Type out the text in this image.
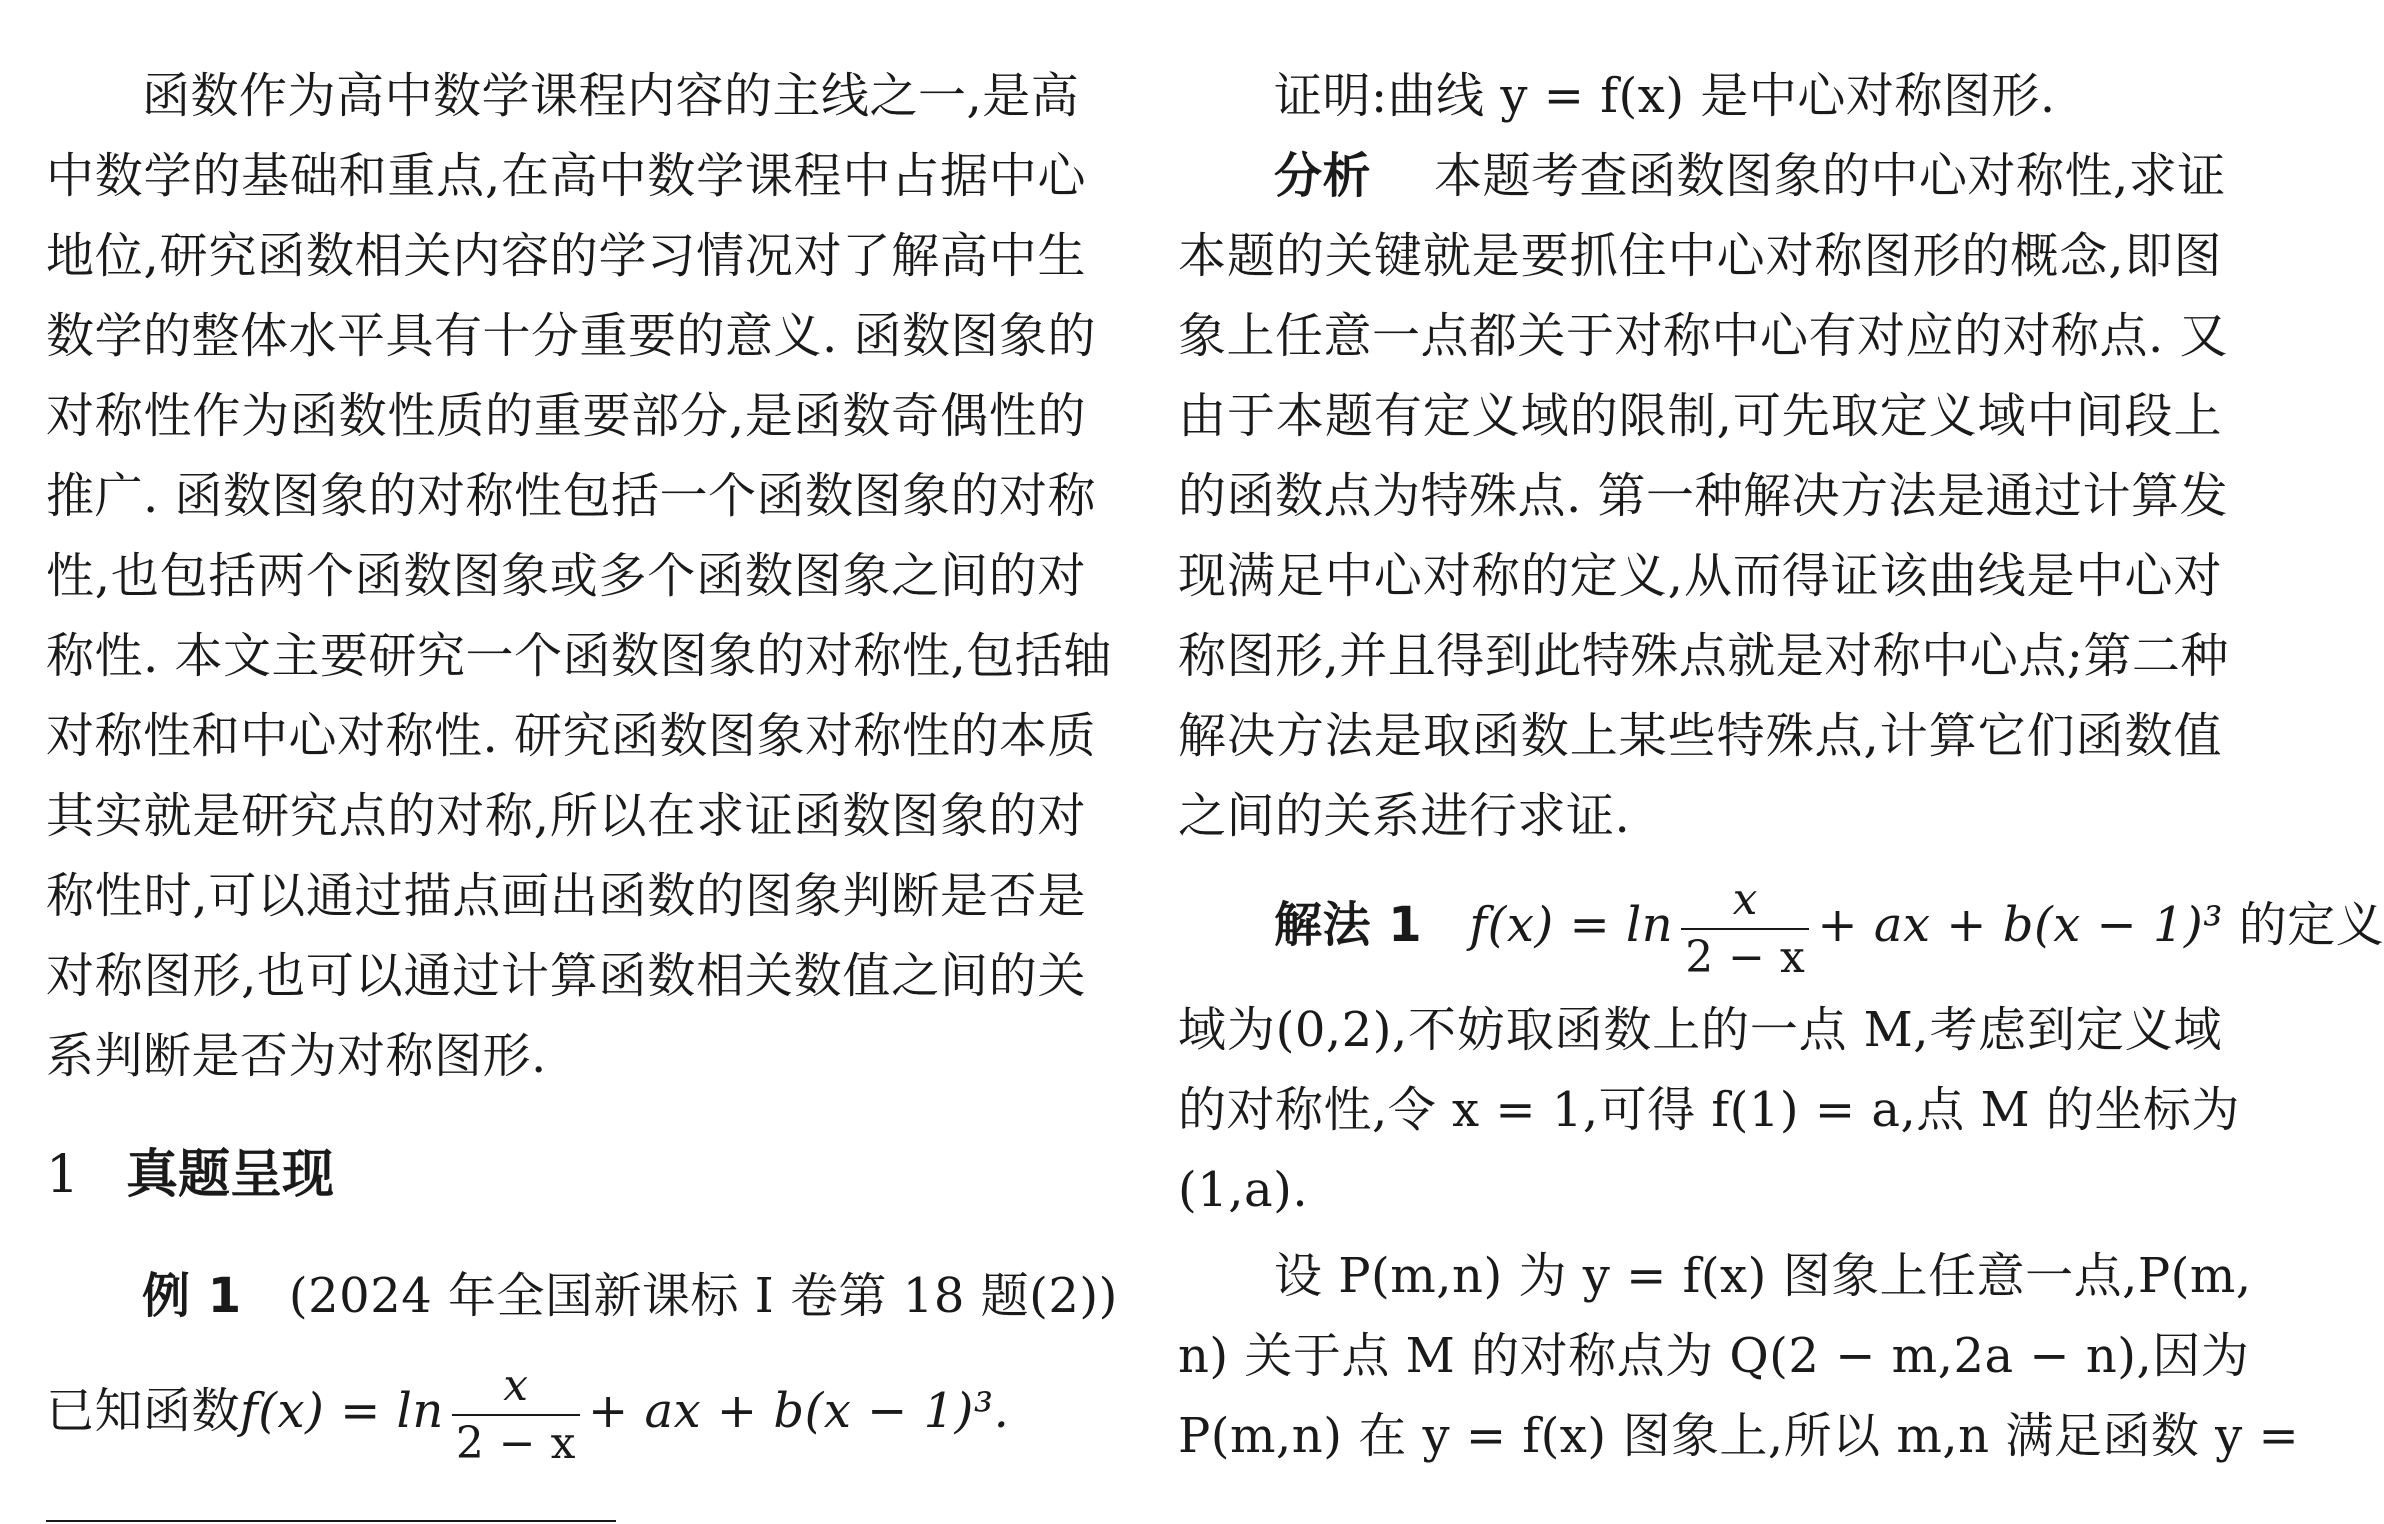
函数作为高中数学课程内容的主线之一,是高
中数学的基础和重点,在高中数学课程中占据中心
地位,研究函数相关内容的学习情况对了解高中生
数学的整体水平具有十分重要的意义. 函数图象的
对称性作为函数性质的重要部分,是函数奇偶性的
推广. 函数图象的对称性包括一个函数图象的对称
性,也包括两个函数图象或多个函数图象之间的对
称性. 本文主要研究一个函数图象的对称性,包括轴
对称性和中心对称性. 研究函数图象对称性的本质
其实就是研究点的对称,所以在求证函数图象的对
称性时,可以通过描点画出函数的图象判断是否是
对称图形,也可以通过计算函数相关数值之间的关
系判断是否为对称图形.
1 真题呈现
例 1 (2024 年全国新课标 Ⅰ 卷第 18 题(2))
已知函数$f(x) = \ln \frac{x}{2 - x}$ + ax + b(x − 1)³.
证明:曲线 y = f(x) 是中心对称图形.
分析 本题考查函数图象的中心对称性,求证
本题的关键就是要抓住中心对称图形的概念,即图
象上任意一点都关于对称中心有对应的对称点. 又
由于本题有定义域的限制,可先取定义域中间段上
的函数点为特殊点. 第一种解决方法是通过计算发
现满足中心对称的定义,从而得证该曲线是中心对
称图形,并且得到此特殊点就是对称中心点;第二种
解决方法是取函数上某些特殊点,计算它们函数值
之间的关系进行求证.
解法 1 $f(x) = \ln \frac{x}{2 - x}$ + ax + b(x − 1)³ 的定义
域为(0,2),不妨取函数上的一点 M,考虑到定义域
的对称性,令 x = 1,可得 f(1) = a,点 M 的坐标为
(1,a).
设 P(m,n) 为 y = f(x) 图象上任意一点,P(m,
n) 关于点 M 的对称点为 Q(2 − m,2a − n),因为
P(m,n) 在 y = f(x) 图象上,所以 m,n 满足函数 y =
